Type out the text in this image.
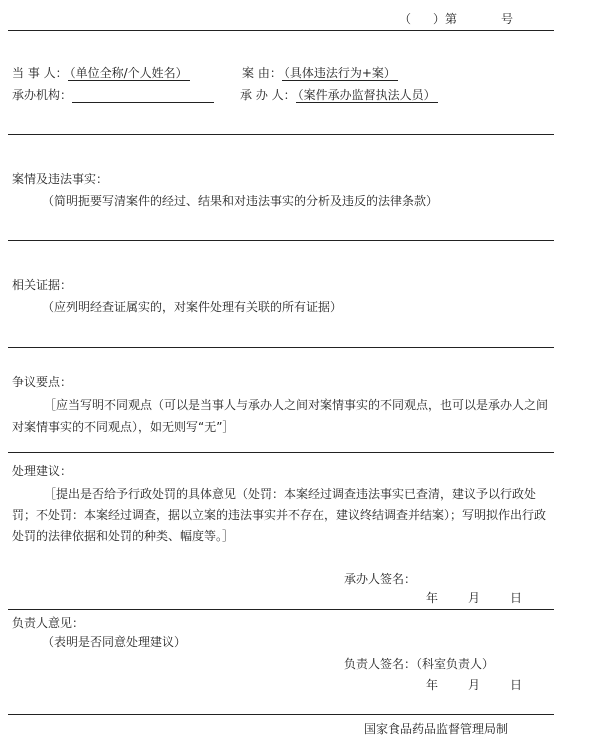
（ ）第	号
当 事 人： （单位全称/个人姓名）	案 由： （具体违法行为+案）
承办机构：	承 办 人： （案件承办监督执法人员）
案情及违法事实：
（简明扼要写清案件的经过、结果和对违法事实的分析及违反的法律条款）
相关证据：
（应列明经查证属实的，对案件处理有关联的所有证据）
争议要点：
［应当写明不同观点（可以是当事人与承办人之间对案情事实的不同观点，也可以是承办人之间对案情事实的不同观点），如无则写“无”］
处理建议：
［提出是否给予行政处罚的具体意见（处罚：本案经过调查违法事实已查清，建议予以行政处罚；不处罚：本案经过调查，据以立案的违法事实并不存在，建议终结调查并结案）；写明拟作出行政处罚的法律依据和处罚的种类、幅度等。］
承办人签名：
年	月	日
负责人意见：
（表明是否同意处理建议）
负责人签名：（科室负责人）
年	月	日
国家食品药品监督管理局制
